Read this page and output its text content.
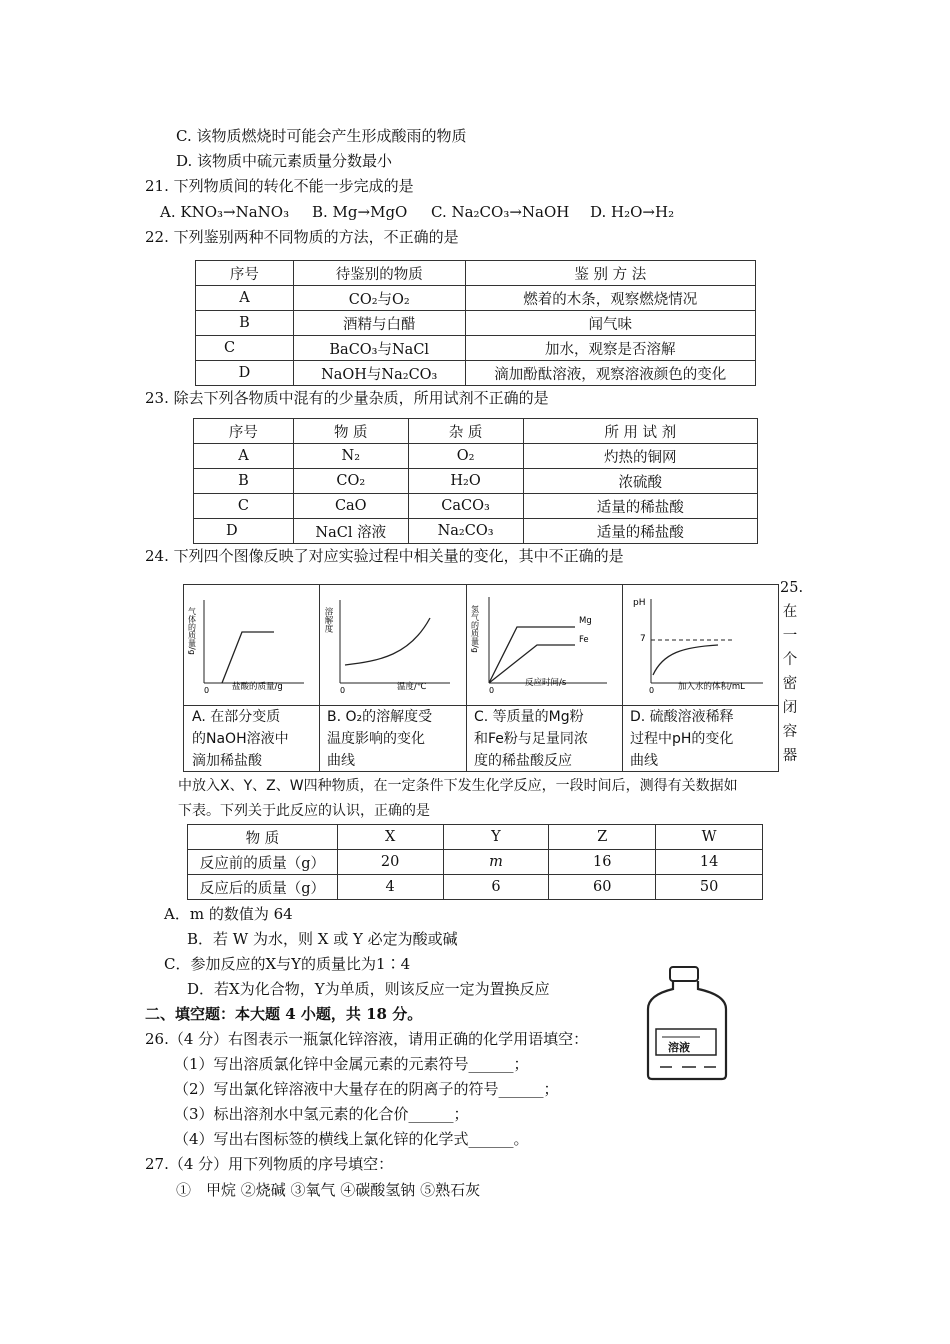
C. 该物质燃烧时可能会产生形成酸雨的物质
D. 该物质中硫元素质量分数最小
21. 下列物质间的转化不能一步完成的是
A. KNO₃→NaNO₃ B. Mg→MgO C. Na₂CO₃→NaOH D. H₂O→H₂
22. 下列鉴别两种不同物质的方法，不正确的是
序号	待鉴别的物质	鉴 别 方 法
A	CO₂与O₂	燃着的木条，观察燃烧情况
B	酒精与白醋	闻气味
C	BaCO₃与NaCl	加水，观察是否溶解
D	NaOH与Na₂CO₃	滴加酚酞溶液，观察溶液颜色的变化
23. 除去下列各物质中混有的少量杂质，所用试剂不正确的是
序号	物 质	杂 质	所 用 试 剂
A	N₂	O₂	灼热的铜网
B	CO₂	H₂O	浓硫酸
C	CaO	CaCO₃	适量的稀盐酸
D	NaCl 溶液	Na₂CO₃	适量的稀盐酸
24. 下列四个图像反映了对应实验过程中相关量的变化，其中不正确的是
气体的质量/g
0	盐酸的质量/g
溶解度
0	温度/℃
Mg
Fe
氢气的质量/g
0
反应时间/s
pH
7
0	加入水的体积/mL
A. 在部分变质
的NaOH溶液中
滴加稀盐酸
B. O₂的溶解度受
温度影响的变化
曲线
C. 等质量的Mg粉
和Fe粉与足量同浓
度的稀盐酸反应
D. 硫酸溶液稀释
过程中pH的变化
曲线
25.
在
一
个
密
闭
容
器
中放入X、Y、Z、W四种物质，在一定条件下发生化学反应，一段时间后，测得有关数据如
下表。下列关于此反应的认识，正确的是
物 质	X	Y	Z	W
反应前的质量（g）	20	m	16	14
反应后的质量（g）	4	6	60	50
A．m 的数值为 64
B．若 W 为水，则 X 或 Y 必定为酸或碱
C．参加反应的X与Y的质量比为1∶4
D．若X为化合物，Y为单质，则该反应一定为置换反应
二、填空题：本大题 4 小题，共 18 分。
26.（4 分）右图表示一瓶氯化锌溶液，请用正确的化学用语填空：
（1）写出溶质氯化锌中金属元素的元素符号______；
（2）写出氯化锌溶液中大量存在的阴离子的符号______；
（3）标出溶剂水中氢元素的化合价______；
（4）写出右图标签的横线上氯化锌的化学式______。
溶液
27.（4 分）用下列物质的序号填空：
①　甲烷 ②烧碱 ③氧气 ④碳酸氢钠 ⑤熟石灰
